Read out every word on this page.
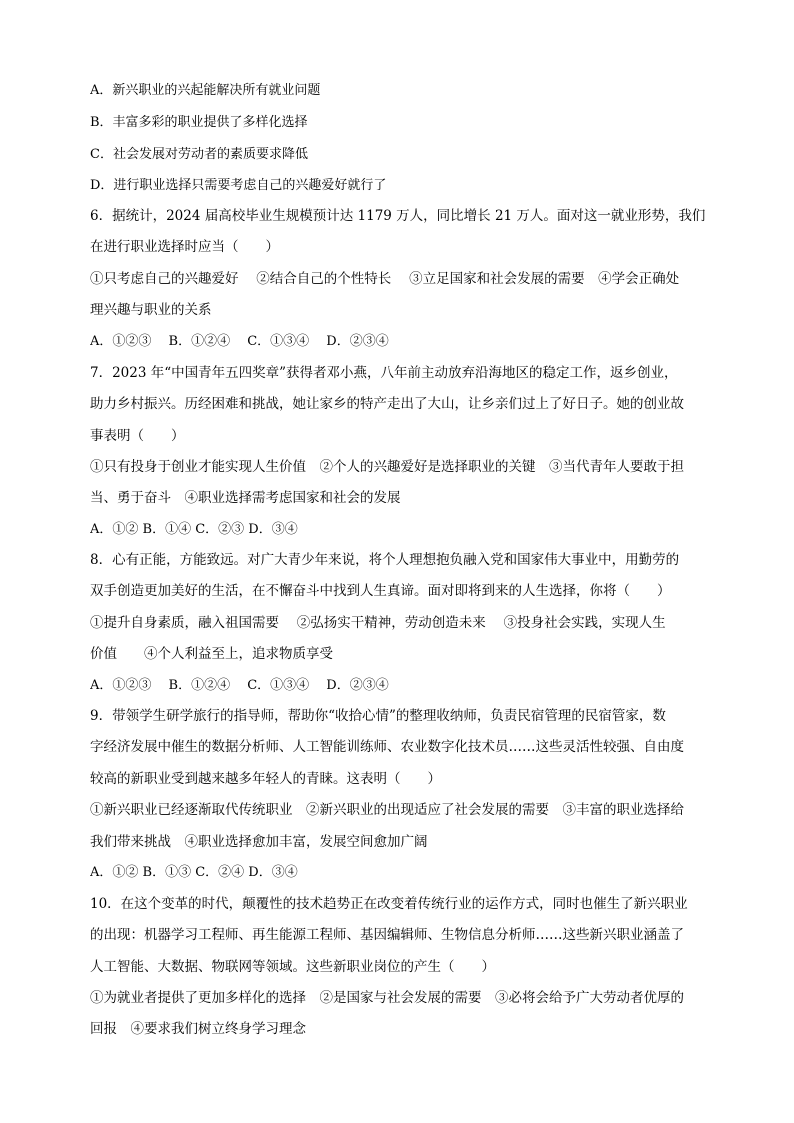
A．新兴职业的兴起能解决所有就业问题
B．丰富多彩的职业提供了多样化选择
C．社会发展对劳动者的素质要求降低
D．进行职业选择只需要考虑自己的兴趣爱好就行了
6．据统计，2024 届高校毕业生规模预计达 1179 万人，同比增长 21 万人。面对这一就业形势，我们
在进行职业选择时应当（　　）
①只考虑自己的兴趣爱好　 ②结合自己的个性特长　 ③立足国家和社会发展的需要　④学会正确处
理兴趣与职业的关系
A．①②③　 B．①②④　 C．①③④　 D．②③④
7．2023 年“中国青年五四奖章”获得者邓小燕，八年前主动放弃沿海地区的稳定工作，返乡创业，
助力乡村振兴。历经困难和挑战，她让家乡的特产走出了大山，让乡亲们过上了好日子。她的创业故
事表明（　　）
①只有投身于创业才能实现人生价值　②个人的兴趣爱好是选择职业的关键　③当代青年人要敢于担
当、勇于奋斗　④职业选择需考虑国家和社会的发展
A．①② B．①④ C．②③ D．③④
8．心有正能，方能致远。对广大青少年来说，将个人理想抱负融入党和国家伟大事业中，用勤劳的
双手创造更加美好的生活，在不懈奋斗中找到人生真谛。面对即将到来的人生选择，你将（　　）
①提升自身素质，融入祖国需要　 ②弘扬实干精神，劳动创造未来　 ③投身社会实践，实现人生
价值　　④个人利益至上，追求物质享受
A．①②③　 B．①②④　 C．①③④　 D．②③④
9．带领学生研学旅行的指导师，帮助你“收拾心情”的整理收纳师，负责民宿管理的民宿管家，数
字经济发展中催生的数据分析师、人工智能训练师、农业数字化技术员……这些灵活性较强、自由度
较高的新职业受到越来越多年轻人的青睐。这表明（　　）
①新兴职业已经逐渐取代传统职业　②新兴职业的出现适应了社会发展的需要　③丰富的职业选择给
我们带来挑战　④职业选择愈加丰富，发展空间愈加广阔
A．①② B．①③ C．②④ D．③④
10．在这个变革的时代，颠覆性的技术趋势正在改变着传统行业的运作方式，同时也催生了新兴职业
的出现：机器学习工程师、再生能源工程师、基因编辑师、生物信息分析师……这些新兴职业涵盖了
人工智能、大数据、物联网等领域。这些新职业岗位的产生（　　）
①为就业者提供了更加多样化的选择　②是国家与社会发展的需要　③必将会给予广大劳动者优厚的
回报　④要求我们树立终身学习理念
